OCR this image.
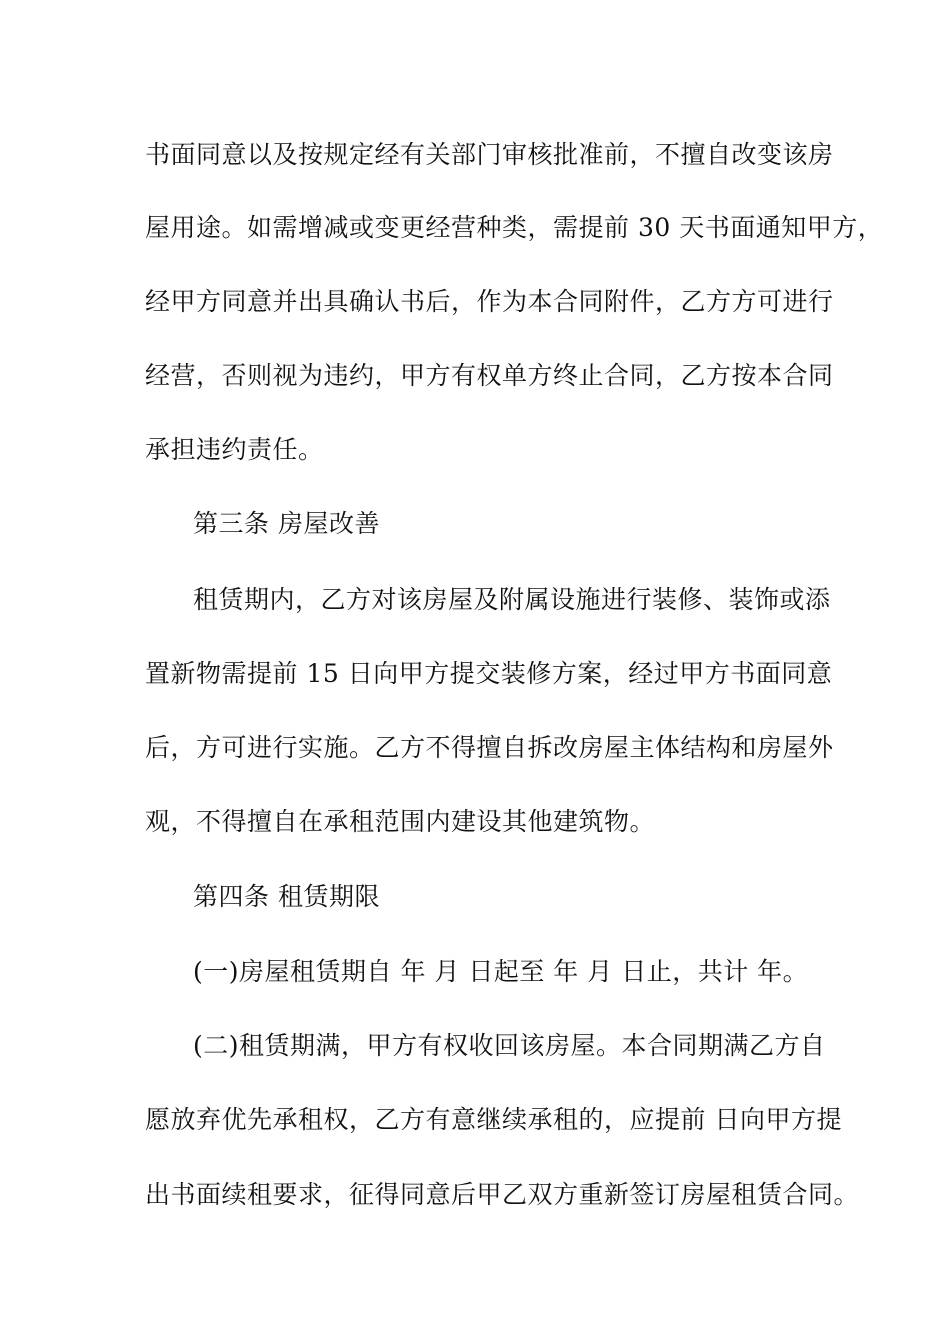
书面同意以及按规定经有关部门审核批准前，不擅自改变该房
屋用途。如需增减或变更经营种类，需提前 30 天书面通知甲方，
经甲方同意并出具确认书后，作为本合同附件，乙方方可进行
经营，否则视为违约，甲方有权单方终止合同，乙方按本合同
承担违约责任。
第三条 房屋改善
租赁期内，乙方对该房屋及附属设施进行装修、装饰或添
置新物需提前 15 日向甲方提交装修方案，经过甲方书面同意
后，方可进行实施。乙方不得擅自拆改房屋主体结构和房屋外
观，不得擅自在承租范围内建设其他建筑物。
第四条 租赁期限
(一)房屋租赁期自 年 月 日起至 年 月 日止，共计 年。
(二)租赁期满，甲方有权收回该房屋。本合同期满乙方自
愿放弃优先承租权，乙方有意继续承租的，应提前 日向甲方提
出书面续租要求，征得同意后甲乙双方重新签订房屋租赁合同。
